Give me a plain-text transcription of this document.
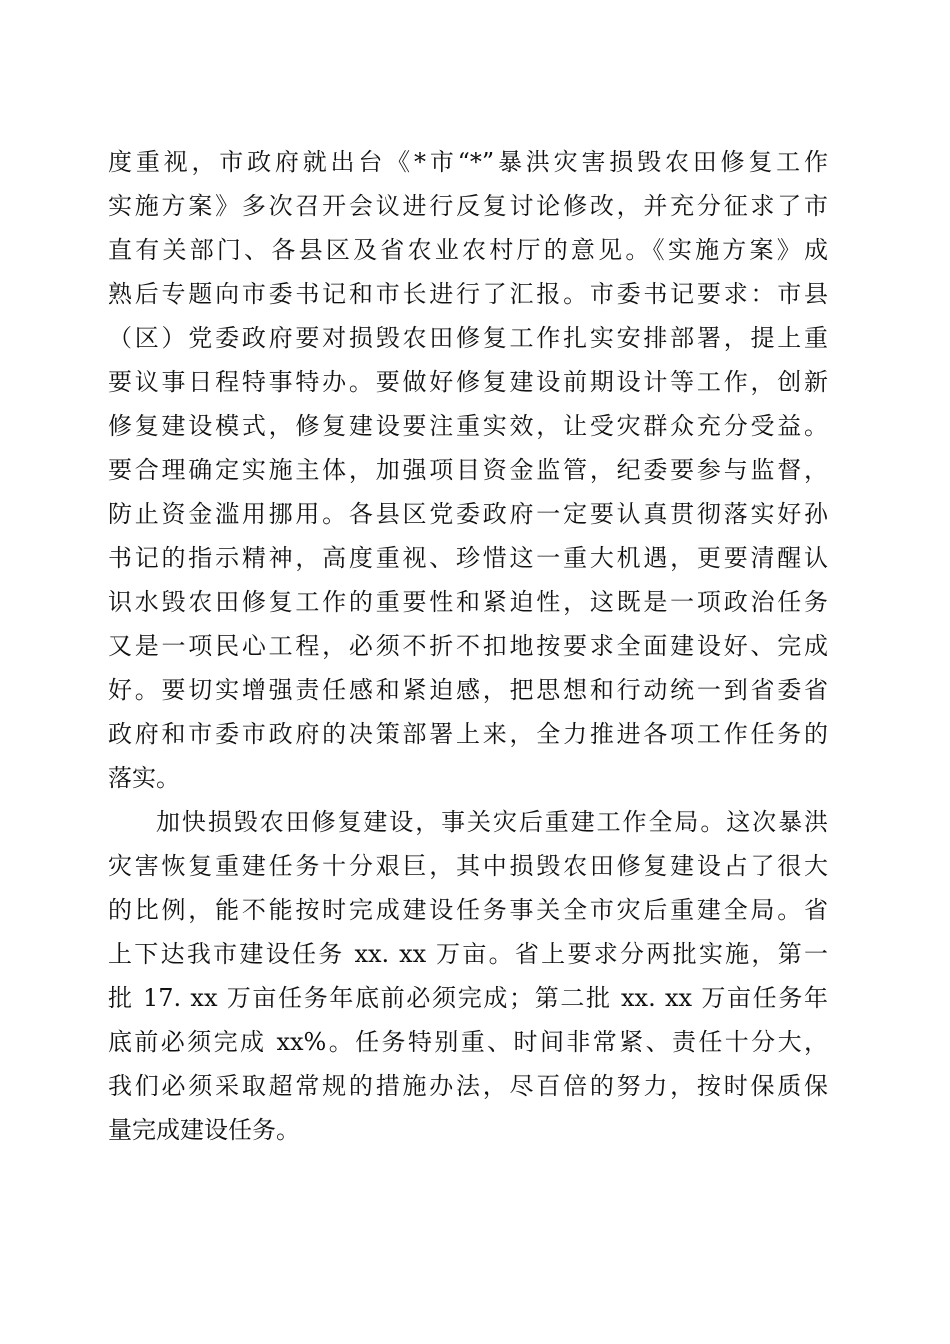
度重视，市政府就出台《*市“*”暴洪灾害损毁农田修复工作
实施方案》多次召开会议进行反复讨论修改，并充分征求了市
直有关部门、各县区及省农业农村厅的意见。《实施方案》成
熟后专题向市委书记和市长进行了汇报。市委书记要求：市县
（区）党委政府要对损毁农田修复工作扎实安排部署，提上重
要议事日程特事特办。要做好修复建设前期设计等工作，创新
修复建设模式，修复建设要注重实效，让受灾群众充分受益。
要合理确定实施主体，加强项目资金监管，纪委要参与监督，
防止资金滥用挪用。各县区党委政府一定要认真贯彻落实好孙
书记的指示精神，高度重视、珍惜这一重大机遇，更要清醒认
识水毁农田修复工作的重要性和紧迫性，这既是一项政治任务
又是一项民心工程，必须不折不扣地按要求全面建设好、完成
好。要切实增强责任感和紧迫感，把思想和行动统一到省委省
政府和市委市政府的决策部署上来，全力推进各项工作任务的
落实。
加快损毁农田修复建设，事关灾后重建工作全局。这次暴洪
灾害恢复重建任务十分艰巨，其中损毁农田修复建设占了很大
的比例，能不能按时完成建设任务事关全市灾后重建全局。省
上下达我市建设任务 xx. xx 万亩。省上要求分两批实施，第一
批 17. xx 万亩任务年底前必须完成；第二批 xx. xx 万亩任务年
底前必须完成 xx%。任务特别重、时间非常紧、责任十分大，
我们必须采取超常规的措施办法，尽百倍的努力，按时保质保
量完成建设任务。
